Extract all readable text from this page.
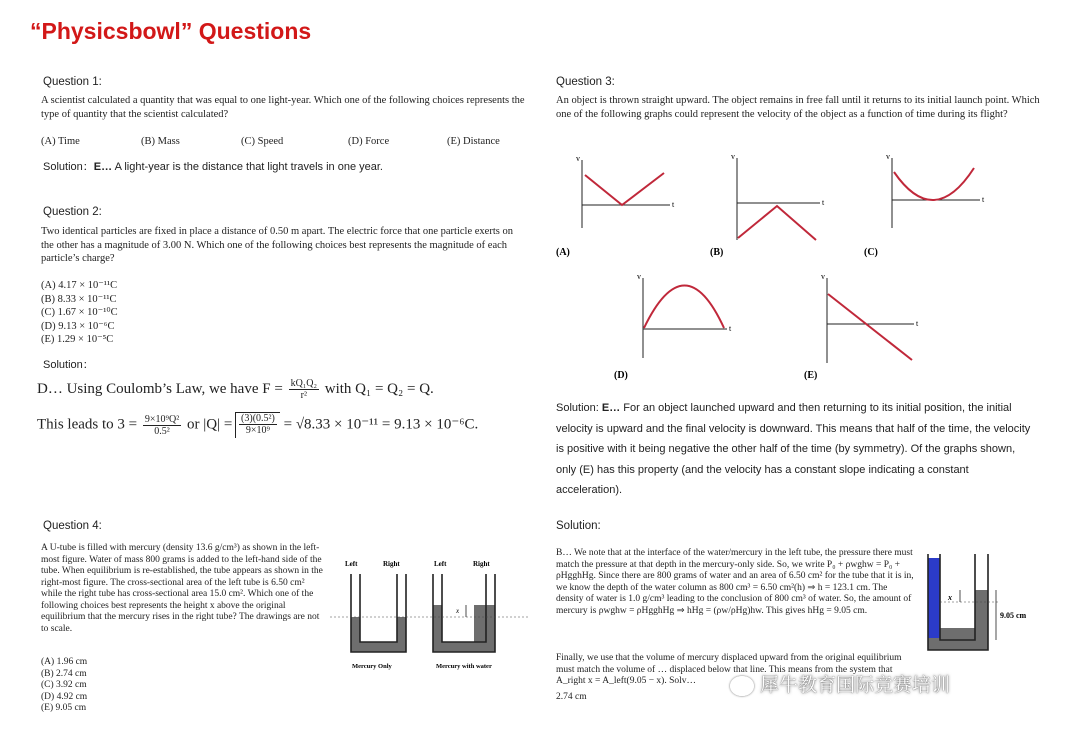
“Physicsbowl” Questions
Question 1:
A scientist calculated a quantity that was equal to one light-year. Which one of the following choices represents the type of quantity that the scientist calculated?
(A) Time	(B) Mass	(C) Speed	(D) Force	(E) Distance
Solution：E… A light-year is the distance that light travels in one year.
Question 2:
Two identical particles are fixed in place a distance of 0.50 m apart. The electric force that one particle exerts on the other has a magnitude of 3.00 N. Which one of the following choices best represents the magnitude of each particle’s charge?
(A) 4.17 × 10⁻¹¹C
(B) 8.33 × 10⁻¹¹C
(C) 1.67 × 10⁻¹⁰C
(D) 9.13 × 10⁻⁶C
(E) 1.29 × 10⁻⁵C
Solution：
D… Using Coulomb’s Law, we have $F = \frac{\text{kQ₁Q₂}}{\text{r²}}$ with Q₁ = Q₂ = Q.
This leads to $3 = \frac{\text{9×10⁹Q²}}{\text{0.5²}}$ or $|Q| = \frac{\text{(3)(0.5²)}}{\text{9×10⁹}} = √8.33 \times 10^{-11} = 9.13 \times 10^{-6}C$.
Question 3:
An object is thrown straight upward. The object remains in free fall until it returns to its initial launch point. Which one of the following graphs could represent the velocity of the object as a function of time during its flight?
v
t
(A)
v
t
(B)
v
t
(C)
v
t
(D)
v
t
(E)
Solution: E… For an object launched upward and then returning to its initial position, the initial velocity is upward and the final velocity is downward. This means that half of the time, the velocity is positive with it being negative the other half of the time (by symmetry). Of the graphs shown, only (E) has this property (and the velocity has a constant slope indicating a constant acceleration).
Question 4:
A U-tube is filled with mercury (density 13.6 g/cm³) as shown in the left-most figure. Water of mass 800 grams is added to the left-hand side of the tube. When equilibrium is re-established, the tube appears as shown in the right-most figure. The cross-sectional area of the left tube is 6.50 cm² while the right tube has cross-sectional area 15.0 cm². Which one of the following choices best represents the height x above the original equilibrium that the mercury rises in the right tube? The drawings are not to scale.
(A) 1.96 cm
(B) 2.74 cm
(C) 3.92 cm
(D) 4.92 cm
(E) 9.05 cm
Left	Right
Mercury Only
Left	Right
x
Mercury with water
Solution:
B… We note that at the interface of the water/mercury in the left tube, the pressure there must match the pressure at that depth in the mercury-only side. So, we write P₀ + ρwghw = P₀ + ρHgghHg. Since there are 800 grams of water and an area of 6.50 cm² for the tube that it is in, we know the depth of the water column as 800 cm³ = 6.50 cm²(h) ⇒ h = 123.1 cm. The density of water is 1.0 g/cm³ leading to the conclusion of 800 cm³ of water. So, the amount of mercury is ρwghw = ρHgghHg ⇒ hHg = (ρw/ρHg)hw. This gives hHg = 9.05 cm.
Finally, we use that the volume of mercury displaced upward from the original equilibrium must match the volume of … displaced below that line. This means from the system that A_right x = A_left(9.05 − x). Solv…
2.74 cm
x
9.05 cm
犀牛教育国际竞赛培训
